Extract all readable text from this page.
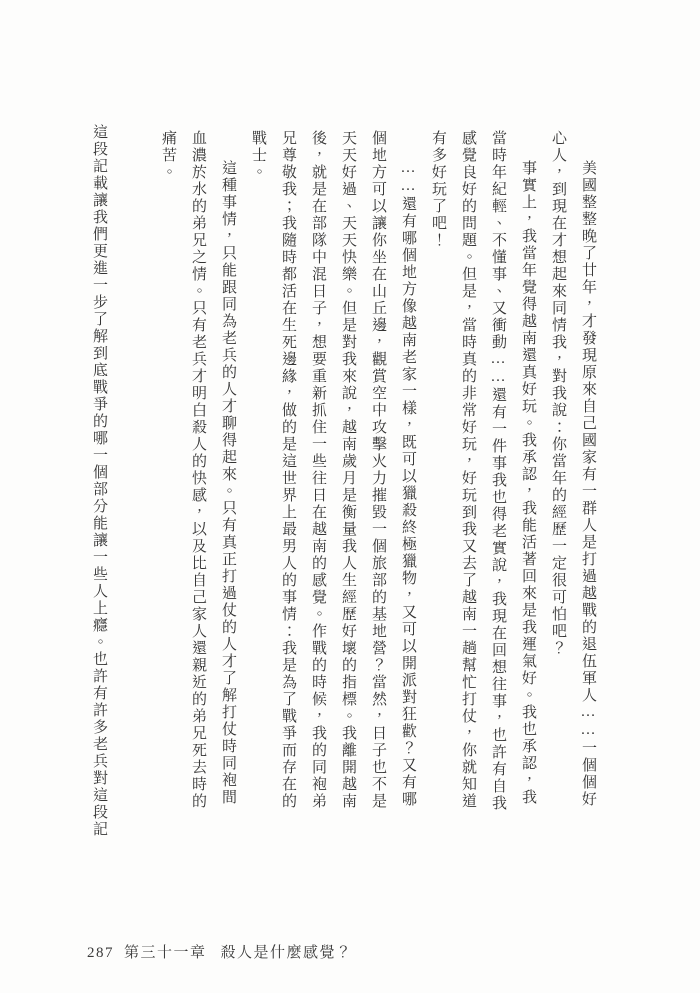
美國整整晚了廿年，才發現原來自己國家有一群人是打過越戰的退伍軍人……一個個好心人，到現在才想起來同情我，對我說：你當年的經歷一定很可怕吧？

事實上，我當年覺得越南還真好玩。我承認，我能活著回來是我運氣好。我也承認，我當時年紀輕、不懂事、又衝動……還有一件事我也得老實說，我現在回想往事，也許有自我感覺良好的問題。但是，當時真的非常好玩，好玩到我又去了越南一趟幫忙打仗，你就知道有多好玩了吧！

……還有哪個地方像越南老家一樣，既可以獵殺終極獵物，又可以開派對狂歡？又有哪個地方可以讓你坐在山丘邊，觀賞空中攻擊火力摧毀一個旅部的基地營？當然，日子也不是天天好過、天天快樂。但是對我來說，越南歲月是衡量我人生經歷好壞的指標。我離開越南後，就是在部隊中混日子，想要重新抓住一些往日在越南的感覺。作戰的時候，我的同袍弟兄尊敬我；我隨時都活在生死邊緣，做的是這世界上最男人的事情：我是為了戰爭而存在的戰士。

這種事情，只能跟同為老兵的人才聊得起來。只有真正打過仗的人才了解打仗時同袍間血濃於水的弟兄之情。只有老兵才明白殺人的快感，以及比自己家人還親近的弟兄死去時的痛苦。

這段記載讓我們更進一步了解到底戰爭的哪一個部分能讓一些人上癮。也許有許多老兵對這段記

287 第三十一章 殺人是什麼感覺？
